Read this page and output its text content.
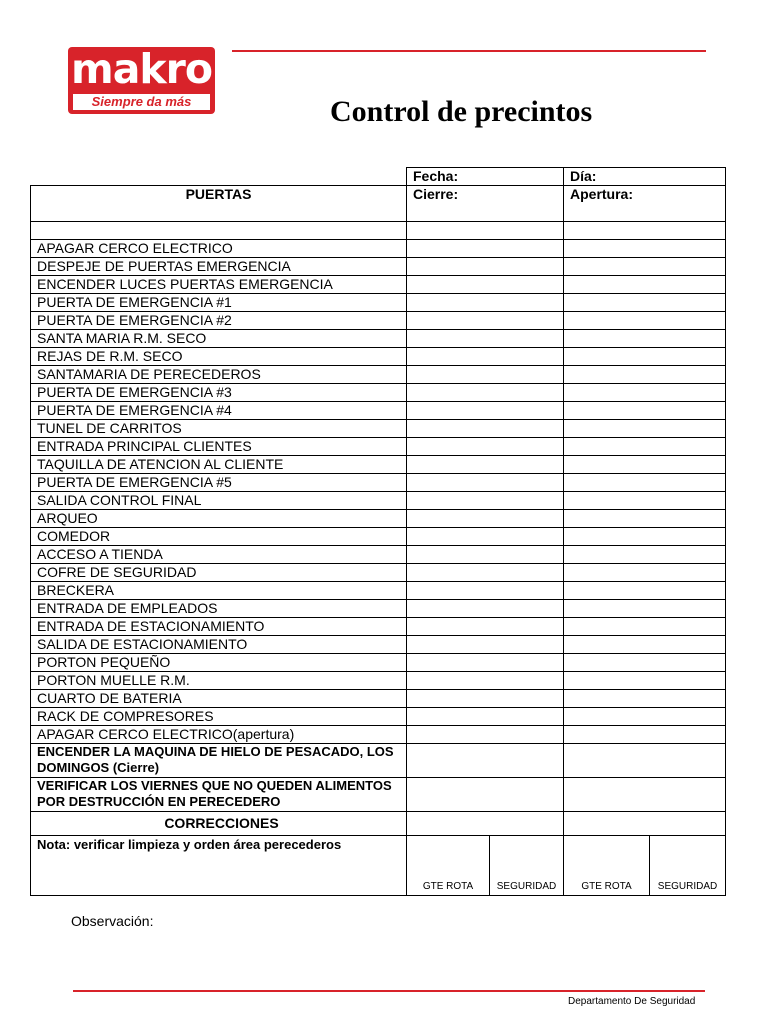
makro
Siempre da más	Control de precintos
	Fecha:		Día:	
PUERTAS	Cierre:		Apertura:	

APAGAR CERCO ELECTRICO				
DESPEJE DE PUERTAS EMERGENCIA				
ENCENDER LUCES PUERTAS EMERGENCIA				
PUERTA DE EMERGENCIA #1				
PUERTA DE EMERGENCIA #2				
SANTA MARIA R.M. SECO				
REJAS DE R.M. SECO				
SANTAMARIA DE PERECEDEROS				
PUERTA DE EMERGENCIA #3				
PUERTA DE EMERGENCIA #4				
TUNEL DE CARRITOS				
ENTRADA PRINCIPAL CLIENTES				
TAQUILLA DE ATENCION AL CLIENTE				
PUERTA DE EMERGENCIA #5				
SALIDA CONTROL FINAL				
ARQUEO				
COMEDOR				
ACCESO A TIENDA				
COFRE DE SEGURIDAD				
BRECKERA				
ENTRADA DE EMPLEADOS				
ENTRADA DE ESTACIONAMIENTO				
SALIDA DE ESTACIONAMIENTO				
PORTON PEQUEÑO				
PORTON MUELLE R.M.				
CUARTO DE BATERIA				
RACK DE COMPRESORES				
APAGAR CERCO ELECTRICO(apertura)				
ENCENDER LA MAQUINA DE HIELO DE PESACADO, LOS DOMINGOS (Cierre)				
VERIFICAR LOS VIERNES QUE NO QUEDEN ALIMENTOS POR DESTRUCCIÓN EN PERECEDERO				
CORRECCIONES				
Nota: verificar limpieza y orden área perecederos	GTE ROTA	SEGURIDAD	GTE ROTA	SEGURIDAD
Observación:
Departamento De Seguridad
